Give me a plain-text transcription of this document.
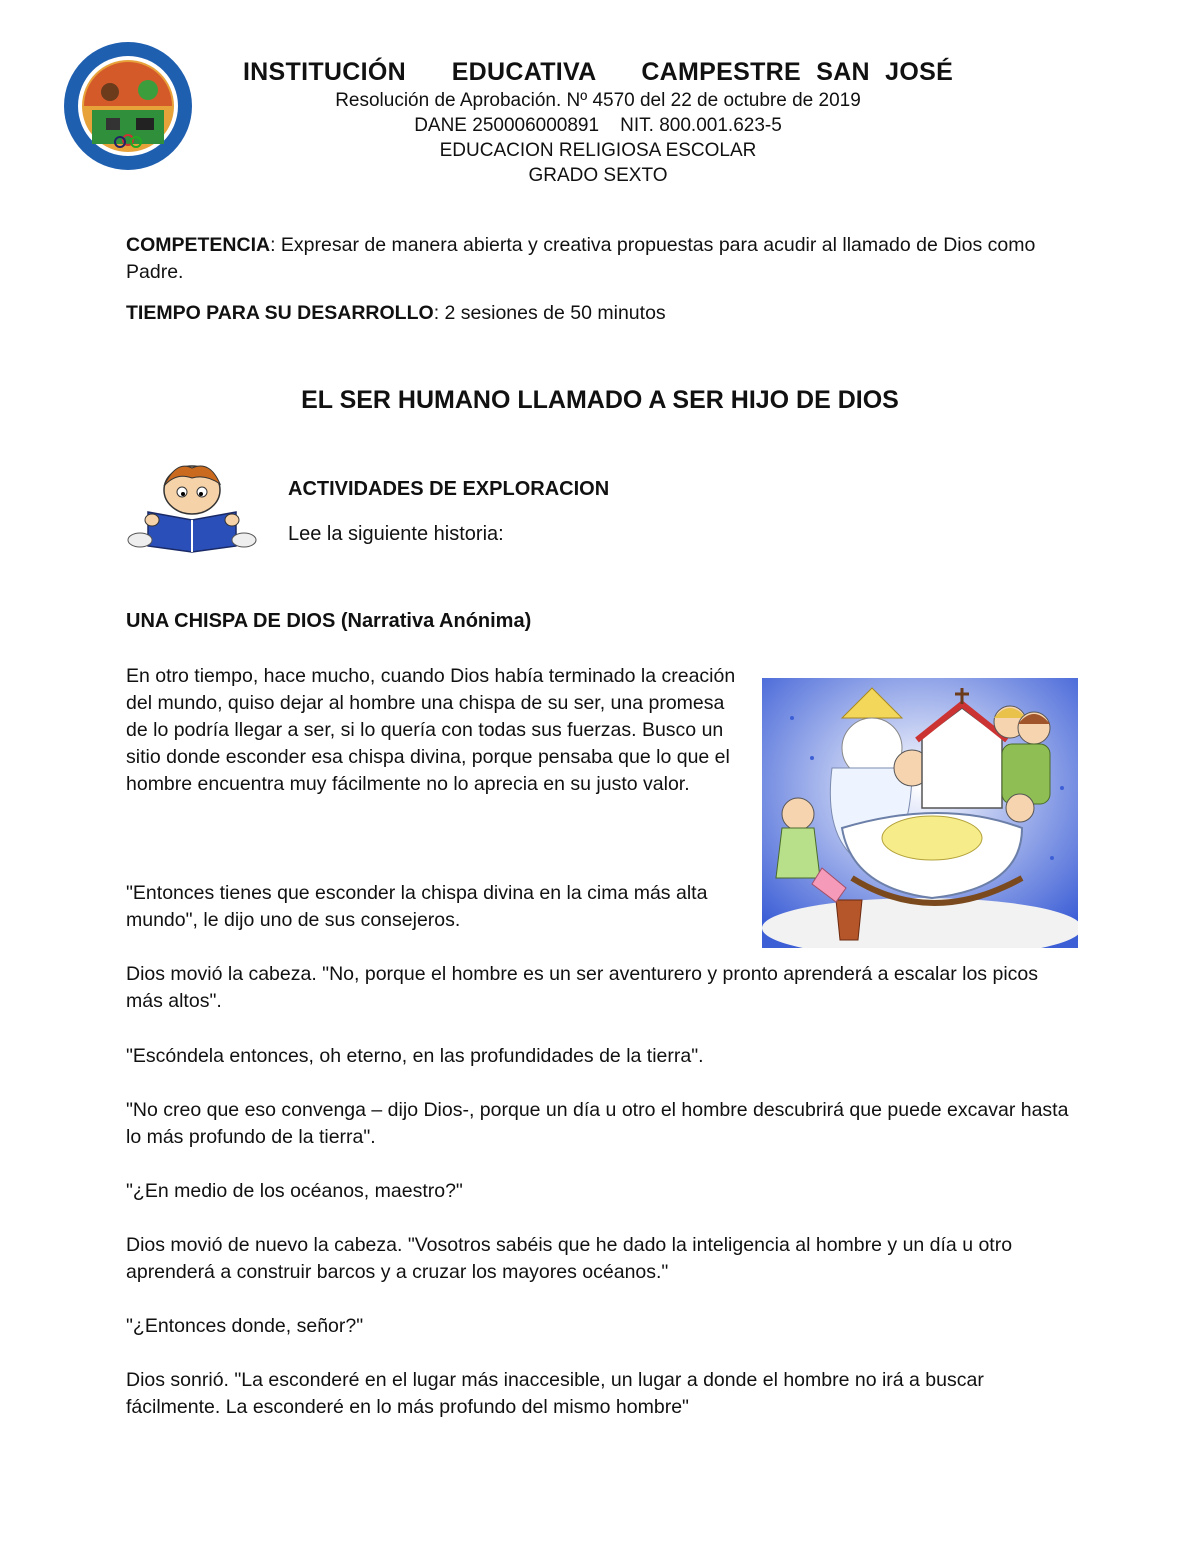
INSTITUCIÓN   EDUCATIVA   CAMPESTRE SAN JOSÉ

Resolución de Aprobación. Nº 4570 del 22 de octubre de 2019

DANE 250006000891    NIT. 800.001.623-5

EDUCACION RELIGIOSA ESCOLAR

GRADO SEXTO

COMPETENCIA: Expresar de manera abierta y creativa propuestas para acudir al llamado de Dios como Padre.

TIEMPO PARA SU DESARROLLO: 2 sesiones de 50 minutos

EL SER HUMANO LLAMADO A SER HIJO DE DIOS

ACTIVIDADES DE EXPLORACION

Lee la siguiente historia:

UNA CHISPA DE DIOS (Narrativa Anónima)

En otro tiempo, hace mucho, cuando Dios había terminado la creación del mundo, quiso dejar al hombre una chispa de su ser, una promesa de lo podría llegar a ser, si lo quería con todas sus fuerzas. Busco un sitio donde esconder esa chispa divina, porque pensaba que lo que el hombre encuentra muy fácilmente no lo aprecia en su justo valor.

"Entonces tienes que esconder la chispa divina en la cima más alta mundo", le dijo uno de sus consejeros.

Dios movió la cabeza. "No, porque el hombre es un ser aventurero y pronto aprenderá a escalar los picos más altos".

"Escóndela entonces, oh eterno, en las profundidades de la tierra".

"No creo que eso convenga – dijo Dios-, porque un día u otro el hombre descubrirá que puede excavar hasta lo más profundo de la tierra".

"¿En medio de los océanos, maestro?"

Dios movió de nuevo la cabeza. "Vosotros sabéis que he dado la inteligencia al hombre y un día u otro aprenderá a construir barcos y a cruzar los mayores océanos."

"¿Entonces donde, señor?"

Dios sonrió. "La esconderé en el lugar más inaccesible, un lugar a donde el hombre no irá a buscar fácilmente. La esconderé en lo más profundo del mismo hombre"
